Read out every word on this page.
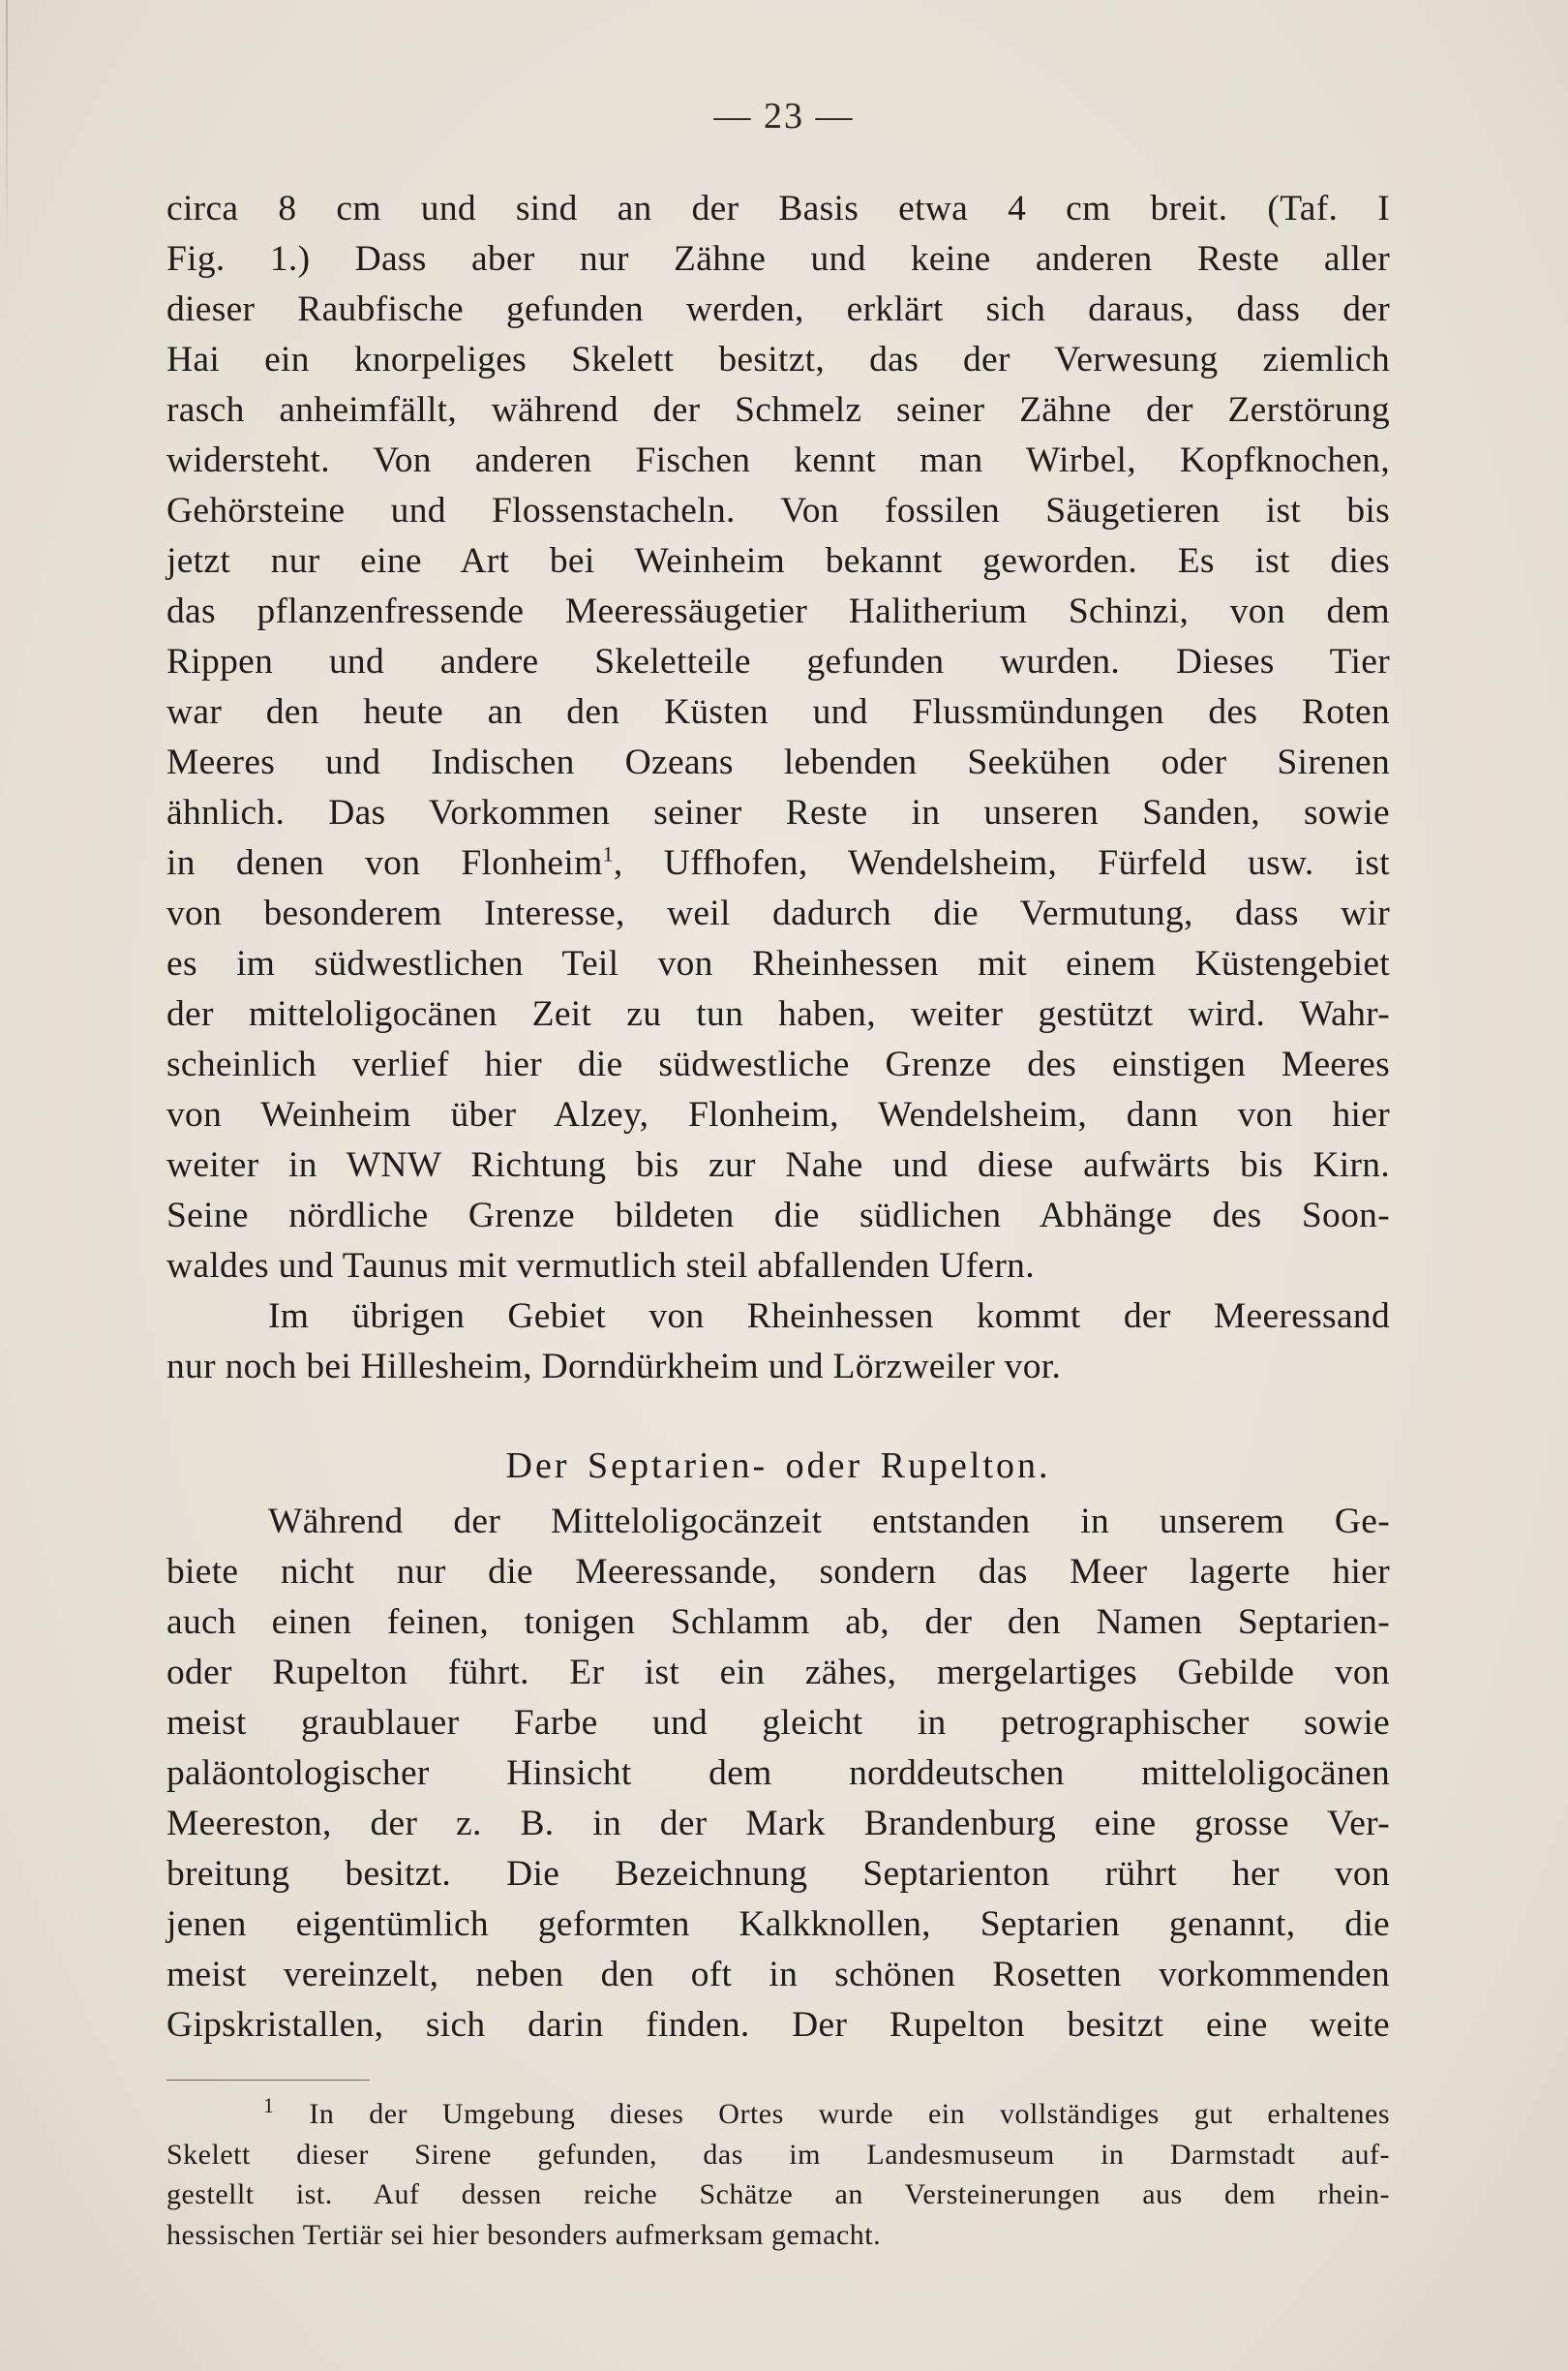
— 23 —
circa 8 cm und sind an der Basis etwa 4 cm breit. (Taf. I
Fig. 1.) Dass aber nur Zähne und keine anderen Reste aller
dieser Raubfische gefunden werden, erklärt sich daraus, dass der
Hai ein knorpeliges Skelett besitzt, das der Verwesung ziemlich
rasch anheimfällt, während der Schmelz seiner Zähne der Zerstörung
widersteht. Von anderen Fischen kennt man Wirbel, Kopfknochen,
Gehörsteine und Flossenstacheln. Von fossilen Säugetieren ist bis
jetzt nur eine Art bei Weinheim bekannt geworden. Es ist dies
das pflanzenfressende Meeressäugetier Halitherium Schinzi, von dem
Rippen und andere Skeletteile gefunden wurden. Dieses Tier
war den heute an den Küsten und Flussmündungen des Roten
Meeres und Indischen Ozeans lebenden Seekühen oder Sirenen
ähnlich. Das Vorkommen seiner Reste in unseren Sanden, sowie
in denen von Flonheim$^1$, Uffhofen, Wendelsheim, Fürfeld usw. ist
von besonderem Interesse, weil dadurch die Vermutung, dass wir
es im südwestlichen Teil von Rheinhessen mit einem Küstengebiet
der mitteloligocänen Zeit zu tun haben, weiter gestützt wird. Wahr-
scheinlich verlief hier die südwestliche Grenze des einstigen Meeres
von Weinheim über Alzey, Flonheim, Wendelsheim, dann von hier
weiter in WNW Richtung bis zur Nahe und diese aufwärts bis Kirn.
Seine nördliche Grenze bildeten die südlichen Abhänge des Soon-
waldes und Taunus mit vermutlich steil abfallenden Ufern.
Im übrigen Gebiet von Rheinhessen kommt der Meeressand
nur noch bei Hillesheim, Dorndürkheim und Lörzweiler vor.
Der Septarien- oder Rupelton.
Während der Mitteloligocänzeit entstanden in unserem Ge-
biete nicht nur die Meeressande, sondern das Meer lagerte hier
auch einen feinen, tonigen Schlamm ab, der den Namen Septarien-
oder Rupelton führt. Er ist ein zähes, mergelartiges Gebilde von
meist graublauer Farbe und gleicht in petrographischer sowie
paläontologischer Hinsicht dem norddeutschen mitteloligocänen
Meereston, der z. B. in der Mark Brandenburg eine grosse Ver-
breitung besitzt. Die Bezeichnung Septarienton rührt her von
jenen eigentümlich geformten Kalkknollen, Septarien genannt, die
meist vereinzelt, neben den oft in schönen Rosetten vorkommenden
Gipskristallen, sich darin finden. Der Rupelton besitzt eine weite
$^1$ In der Umgebung dieses Ortes wurde ein vollständiges gut erhaltenes
Skelett dieser Sirene gefunden, das im Landesmuseum in Darmstadt auf-
gestellt ist. Auf dessen reiche Schätze an Versteinerungen aus dem rhein-
hessischen Tertiär sei hier besonders aufmerksam gemacht.
